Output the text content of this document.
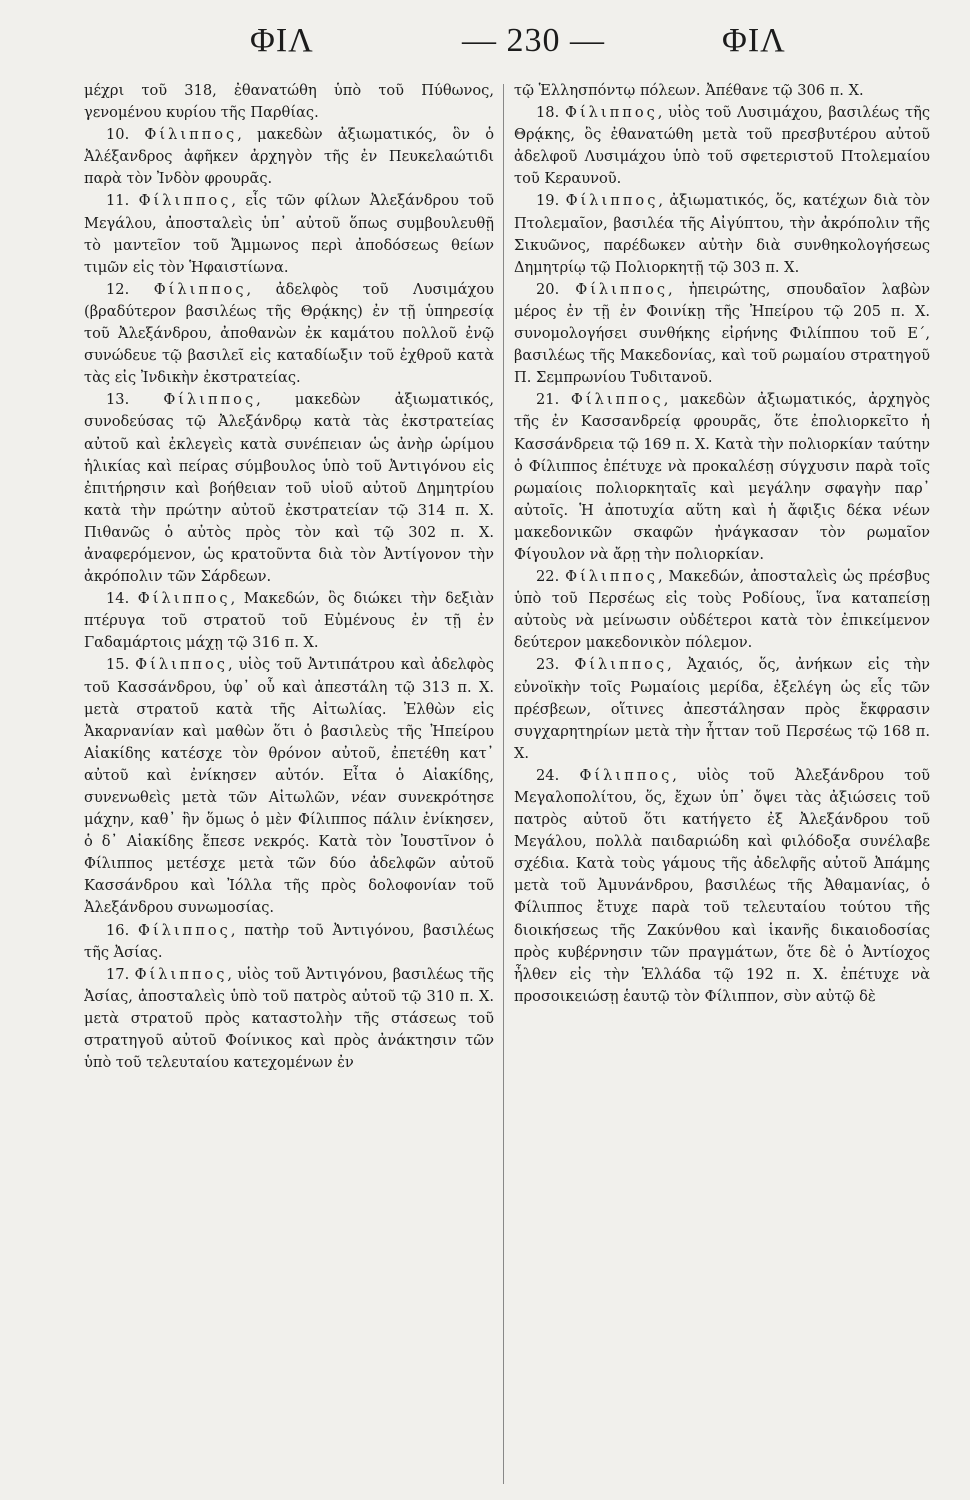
ΦΙΛ	— 230 —	ΦΙΛ

μέχρι τοῦ 318, ἐθανατώθη ὑπὸ τοῦ Πύθωνος, γενομένου κυρίου τῆς Παρθίας.

10. Φίλιππος, μακεδὼν ἀξιωματικός, ὃν ὁ Ἀλέξανδρος ἀφῆκεν ἀρχηγὸν τῆς ἐν Πευκελαώτιδι παρὰ τὸν Ἰνδὸν φρουρᾶς.

11. Φίλιππος, εἷς τῶν φίλων Ἀλεξάνδρου τοῦ Μεγάλου, ἀποσταλεὶς ὑπ᾽ αὐτοῦ ὅπως συμβουλευθῇ τὸ μαντεῖον τοῦ Ἄμμωνος περὶ ἀποδόσεως θείων τιμῶν εἰς τὸν Ἡφαιστίωνα.

12. Φίλιππος, ἀδελφὸς τοῦ Λυσιμάχου (βραδύτερον βασιλέως τῆς Θρᾴκης) ἐν τῇ ὑπηρεσίᾳ τοῦ Ἀλεξάνδρου, ἀποθανὼν ἐκ καμάτου πολλοῦ ἐνῷ συνώδευε τῷ βασιλεῖ εἰς καταδίωξιν τοῦ ἐχθροῦ κατὰ τὰς εἰς Ἰνδικὴν ἐκστρατείας.

13. Φίλιππος, μακεδὼν ἀξιωματικός, συνοδεύσας τῷ Ἀλεξάνδρῳ κατὰ τὰς ἐκστρατείας αὐτοῦ καὶ ἐκλεγεὶς κατὰ συνέπειαν ὡς ἀνὴρ ὡρίμου ἡλικίας καὶ πείρας σύμβουλος ὑπὸ τοῦ Ἀντιγόνου εἰς ἐπιτήρησιν καὶ βοήθειαν τοῦ υἱοῦ αὐτοῦ Δημητρίου κατὰ τὴν πρώτην αὐτοῦ ἐκστρατείαν τῷ 314 π. Χ. Πιθανῶς ὁ αὐτὸς πρὸς τὸν καὶ τῷ 302 π. Χ. ἀναφερόμενον, ὡς κρατοῦντα διὰ τὸν Ἀντίγονον τὴν ἀκρόπολιν τῶν Σάρδεων.

14. Φίλιππος, Μακεδών, ὃς διώκει τὴν δεξιὰν πτέρυγα τοῦ στρατοῦ τοῦ Εὐμένους ἐν τῇ ἐν Γαδαμάρτοις μάχῃ τῷ 316 π. Χ.

15. Φίλιππος, υἱὸς τοῦ Ἀντιπάτρου καὶ ἀδελφὸς τοῦ Κασσάνδρου, ὑφ᾽ οὗ καὶ ἀπεστάλη τῷ 313 π. Χ. μετὰ στρατοῦ κατὰ τῆς Αἰτωλίας. Ἐλθὼν εἰς Ἀκαρνανίαν καὶ μαθὼν ὅτι ὁ βασιλεὺς τῆς Ἠπείρου Αἰακίδης κατέσχε τὸν θρόνον αὐτοῦ, ἐπετέθη κατ᾽ αὐτοῦ καὶ ἐνίκησεν αὐτόν. Εἶτα ὁ Αἰακίδης, συνενωθεὶς μετὰ τῶν Αἰτωλῶν, νέαν συνεκρότησε μάχην, καθ᾽ ἣν ὅμως ὁ μὲν Φίλιππος πάλιν ἐνίκησεν, ὁ δ᾽ Αἰακίδης ἔπεσε νεκρός. Κατὰ τὸν Ἰουστῖνον ὁ Φίλιππος μετέσχε μετὰ τῶν δύο ἀδελφῶν αὐτοῦ Κασσάνδρου καὶ Ἰόλλα τῆς πρὸς δολοφονίαν τοῦ Ἀλεξάνδρου συνωμοσίας.

16. Φίλιππος, πατὴρ τοῦ Ἀντιγόνου, βασιλέως τῆς Ἀσίας.

17. Φίλιππος, υἱὸς τοῦ Ἀντιγόνου, βασιλέως τῆς Ἀσίας, ἀποσταλεὶς ὑπὸ τοῦ πατρὸς αὐτοῦ τῷ 310 π. Χ. μετὰ στρατοῦ πρὸς καταστολὴν τῆς στάσεως τοῦ στρατηγοῦ αὐτοῦ Φοίνικος καὶ πρὸς ἀνάκτησιν τῶν ὑπὸ τοῦ τελευταίου κατεχομένων ἐν

τῷ Ἑλλησπόντῳ πόλεων. Ἀπέθανε τῷ 306 π. Χ.

18. Φίλιππος, υἱὸς τοῦ Λυσιμάχου, βασιλέως τῆς Θρᾴκης, ὃς ἐθανατώθη μετὰ τοῦ πρεσβυτέρου αὐτοῦ ἀδελφοῦ Λυσιμάχου ὑπὸ τοῦ σφετεριστοῦ Πτολεμαίου τοῦ Κεραυνοῦ.

19. Φίλιππος, ἀξιωματικός, ὅς, κατέχων διὰ τὸν Πτολεμαῖον, βασιλέα τῆς Αἰγύπτου, τὴν ἀκρόπολιν τῆς Σικυῶνος, παρέδωκεν αὐτὴν διὰ συνθηκολογήσεως Δημητρίῳ τῷ Πολιορκητῇ τῷ 303 π. Χ.

20. Φίλιππος, ἠπειρώτης, σπουδαῖον λαβὼν μέρος ἐν τῇ ἐν Φοινίκῃ τῆς Ἠπείρου τῷ 205 π. Χ. συνομολογήσει συνθήκης εἰρήνης Φιλίππου τοῦ Ε´, βασιλέως τῆς Μακεδονίας, καὶ τοῦ ρωμαίου στρατηγοῦ Π. Σεμπρωνίου Τυδιτανοῦ.

21. Φίλιππος, μακεδὼν ἀξιωματικός, ἀρχηγὸς τῆς ἐν Κασσανδρείᾳ φρουρᾶς, ὅτε ἐπολιορκεῖτο ἡ Κασσάνδρεια τῷ 169 π. Χ. Κατὰ τὴν πολιορκίαν ταύτην ὁ Φίλιππος ἐπέτυχε νὰ προκαλέσῃ σύγχυσιν παρὰ τοῖς ρωμαίοις πολιορκηταῖς καὶ μεγάλην σφαγὴν παρ᾽ αὐτοῖς. Ἡ ἀποτυχία αὕτη καὶ ἡ ἄφιξις δέκα νέων μακεδονικῶν σκαφῶν ἠνάγκασαν τὸν ρωμαῖον Φίγουλον νὰ ἄρῃ τὴν πολιορκίαν.

22. Φίλιππος, Μακεδών, ἀποσταλεὶς ὡς πρέσβυς ὑπὸ τοῦ Περσέως εἰς τοὺς Ροδίους, ἵνα καταπείσῃ αὐτοὺς νὰ μείνωσιν οὐδέτεροι κατὰ τὸν ἐπικείμενον δεύτερον μακεδονικὸν πόλεμον.

23. Φίλιππος, Ἀχαιός, ὅς, ἀνήκων εἰς τὴν εὐνοϊκὴν τοῖς Ρωμαίοις μερίδα, ἐξελέγη ὡς εἷς τῶν πρέσβεων, οἵτινες ἀπεστάλησαν πρὸς ἔκφρασιν συγχαρητηρίων μετὰ τὴν ἧτταν τοῦ Περσέως τῷ 168 π. Χ.

24. Φίλιππος, υἱὸς τοῦ Ἀλεξάνδρου τοῦ Μεγαλοπολίτου, ὅς, ἔχων ὑπ᾽ ὄψει τὰς ἀξιώσεις τοῦ πατρὸς αὐτοῦ ὅτι κατήγετο ἐξ Ἀλεξάνδρου τοῦ Μεγάλου, πολλὰ παιδαριώδη καὶ φιλόδοξα συνέλαβε σχέδια. Κατὰ τοὺς γάμους τῆς ἀδελφῆς αὐτοῦ Ἀπάμης μετὰ τοῦ Ἀμυνάνδρου, βασιλέως τῆς Ἀθαμανίας, ὁ Φίλιππος ἔτυχε παρὰ τοῦ τελευταίου τούτου τῆς διοικήσεως τῆς Ζακύνθου καὶ ἱκανῆς δικαιοδοσίας πρὸς κυβέρνησιν τῶν πραγμάτων, ὅτε δὲ ὁ Ἀντίοχος ἦλθεν εἰς τὴν Ἑλλάδα τῷ 192 π. Χ. ἐπέτυχε νὰ προσοικειώσῃ ἑαυτῷ τὸν Φίλιππον, σὺν αὐτῷ δὲ
